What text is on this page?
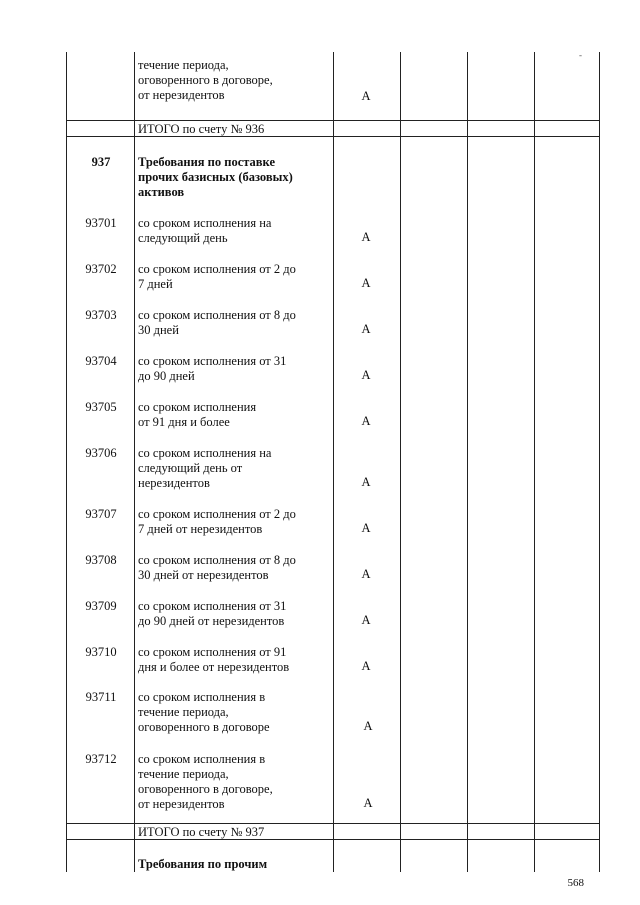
-
течение периода,
оговоренного в договоре,
от нерезидентов	A
ИТОГО по счету № 936
937	Требования по поставке
прочих базисных (базовых)
активов
93701	со сроком исполнения на
следующий день	A
93702	со сроком исполнения от 2 до
7 дней	A
93703	со сроком исполнения от 8 до
30 дней	A
93704	со сроком исполнения от 31
до 90 дней	A
93705	со сроком исполнения
от 91 дня и более	A
93706	со сроком исполнения на
следующий день от
нерезидентов	A
93707	со сроком исполнения от 2 до
7 дней от нерезидентов	A
93708	со сроком исполнения от 8 до
30 дней от нерезидентов	A
93709	со сроком исполнения от 31
до 90 дней от нерезидентов	A
93710	со сроком исполнения от 91
дня и более от нерезидентов	A
93711	со сроком исполнения в
течение периода,
оговоренного в договоре	A
93712	со сроком исполнения в
течение периода,
оговоренного в договоре,
от нерезидентов	A
ИТОГО по счету № 937
Требования по прочим
568
